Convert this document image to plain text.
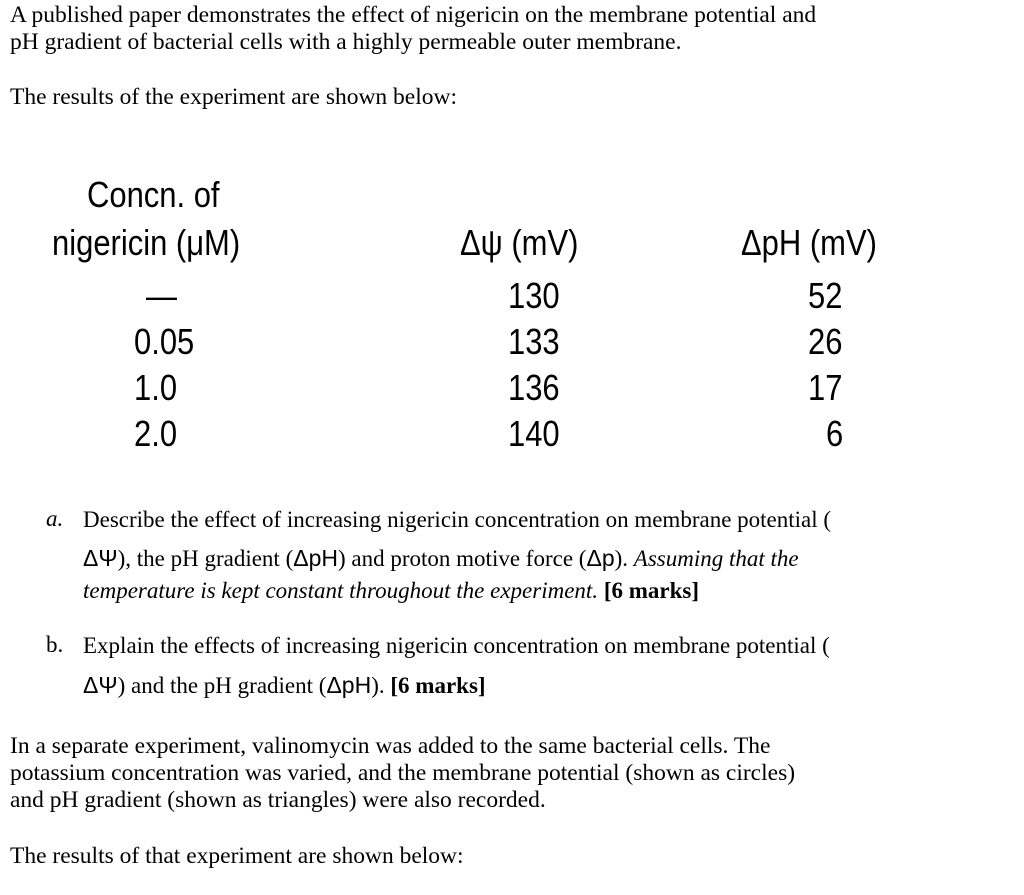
A published paper demonstrates the effect of nigericin on the membrane potential and
pH gradient of bacterial cells with a highly permeable outer membrane.
The results of the experiment are shown below:
Concn. of
nigericin (μM)	Δψ (mV)	ΔpH (mV)
—	130	52
0.05	133	26
1.0	136	17
2.0	140	6
a. Describe the effect of increasing nigericin concentration on membrane potential (
ΔΨ), the pH gradient (ΔpH) and proton motive force (Δp). Assuming that the
temperature is kept constant throughout the experiment. [6 marks]
b. Explain the effects of increasing nigericin concentration on membrane potential (
ΔΨ) and the pH gradient (ΔpH). [6 marks]
In a separate experiment, valinomycin was added to the same bacterial cells. The
potassium concentration was varied, and the membrane potential (shown as circles)
and pH gradient (shown as triangles) were also recorded.
The results of that experiment are shown below:
